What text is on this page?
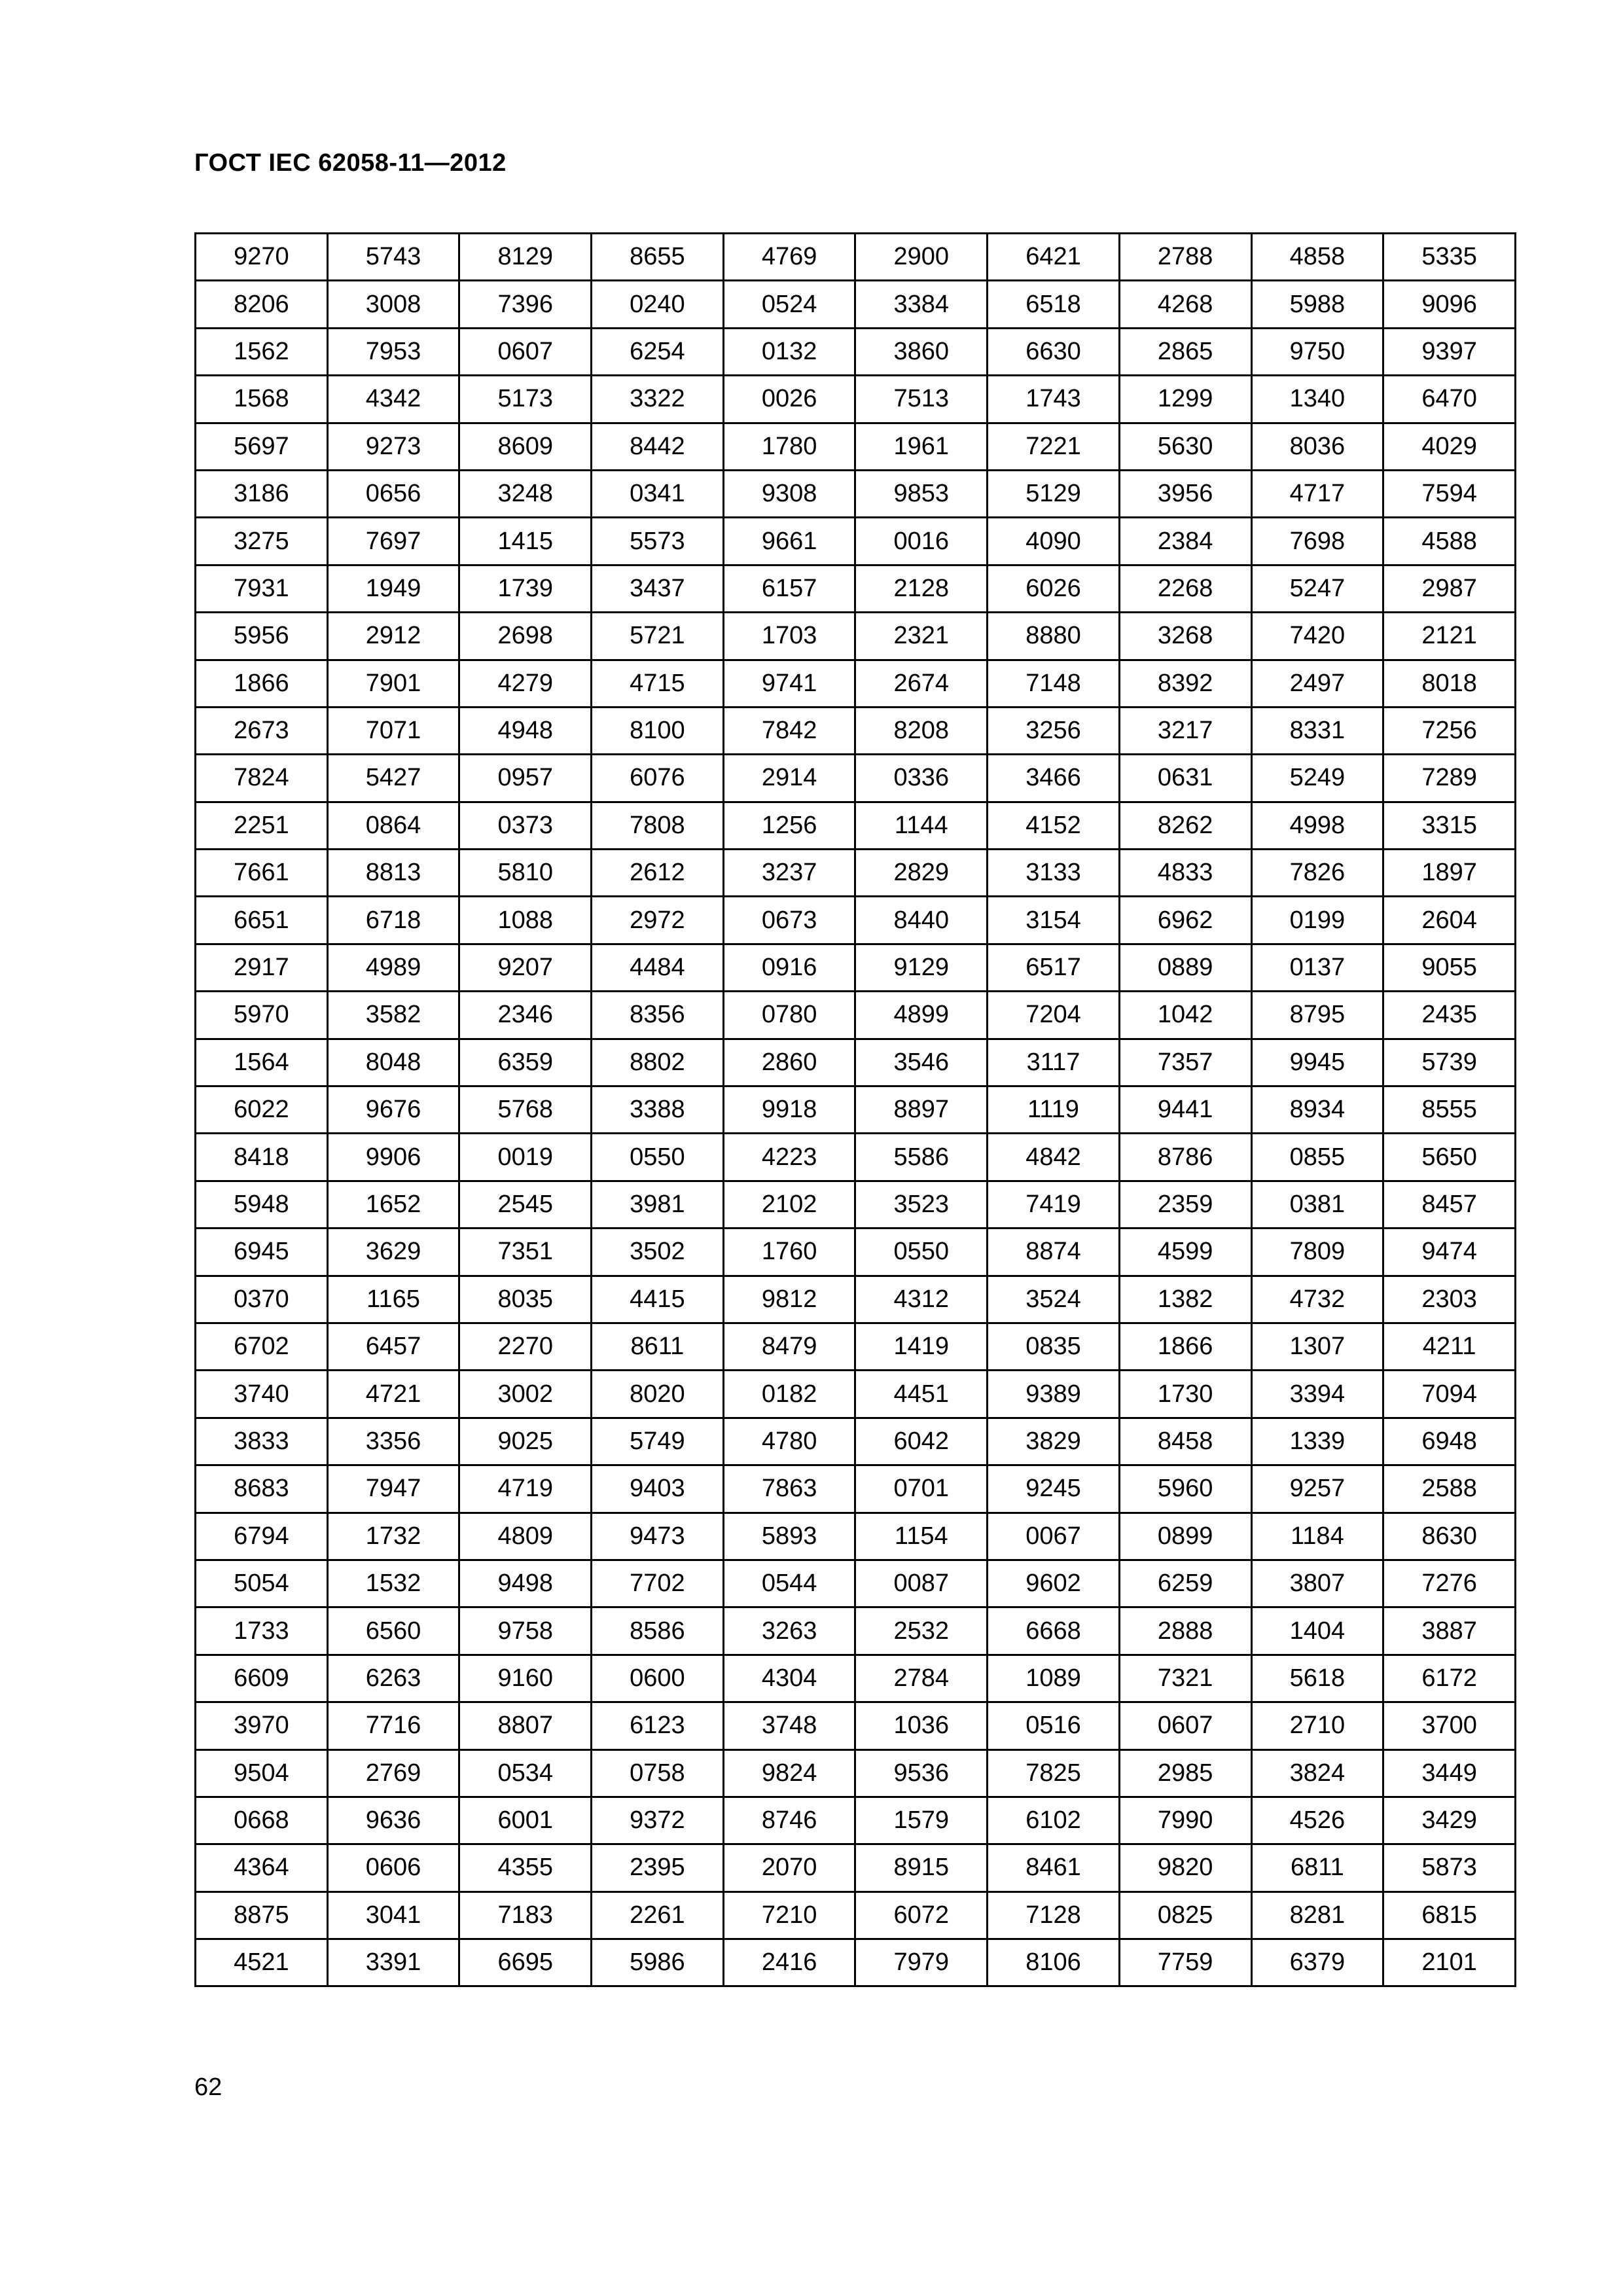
ГОСТ IEC 62058-11—2012
9270	5743	8129	8655	4769	2900	6421	2788	4858	5335
8206	3008	7396	0240	0524	3384	6518	4268	5988	9096
1562	7953	0607	6254	0132	3860	6630	2865	9750	9397
1568	4342	5173	3322	0026	7513	1743	1299	1340	6470
5697	9273	8609	8442	1780	1961	7221	5630	8036	4029
3186	0656	3248	0341	9308	9853	5129	3956	4717	7594
3275	7697	1415	5573	9661	0016	4090	2384	7698	4588
7931	1949	1739	3437	6157	2128	6026	2268	5247	2987
5956	2912	2698	5721	1703	2321	8880	3268	7420	2121
1866	7901	4279	4715	9741	2674	7148	8392	2497	8018
2673	7071	4948	8100	7842	8208	3256	3217	8331	7256
7824	5427	0957	6076	2914	0336	3466	0631	5249	7289
2251	0864	0373	7808	1256	1144	4152	8262	4998	3315
7661	8813	5810	2612	3237	2829	3133	4833	7826	1897
6651	6718	1088	2972	0673	8440	3154	6962	0199	2604
2917	4989	9207	4484	0916	9129	6517	0889	0137	9055
5970	3582	2346	8356	0780	4899	7204	1042	8795	2435
1564	8048	6359	8802	2860	3546	3117	7357	9945	5739
6022	9676	5768	3388	9918	8897	1119	9441	8934	8555
8418	9906	0019	0550	4223	5586	4842	8786	0855	5650
5948	1652	2545	3981	2102	3523	7419	2359	0381	8457
6945	3629	7351	3502	1760	0550	8874	4599	7809	9474
0370	1165	8035	4415	9812	4312	3524	1382	4732	2303
6702	6457	2270	8611	8479	1419	0835	1866	1307	4211
3740	4721	3002	8020	0182	4451	9389	1730	3394	7094
3833	3356	9025	5749	4780	6042	3829	8458	1339	6948
8683	7947	4719	9403	7863	0701	9245	5960	9257	2588
6794	1732	4809	9473	5893	1154	0067	0899	1184	8630
5054	1532	9498	7702	0544	0087	9602	6259	3807	7276
1733	6560	9758	8586	3263	2532	6668	2888	1404	3887
6609	6263	9160	0600	4304	2784	1089	7321	5618	6172
3970	7716	8807	6123	3748	1036	0516	0607	2710	3700
9504	2769	0534	0758	9824	9536	7825	2985	3824	3449
0668	9636	6001	9372	8746	1579	6102	7990	4526	3429
4364	0606	4355	2395	2070	8915	8461	9820	6811	5873
8875	3041	7183	2261	7210	6072	7128	0825	8281	6815
4521	3391	6695	5986	2416	7979	8106	7759	6379	2101
62
